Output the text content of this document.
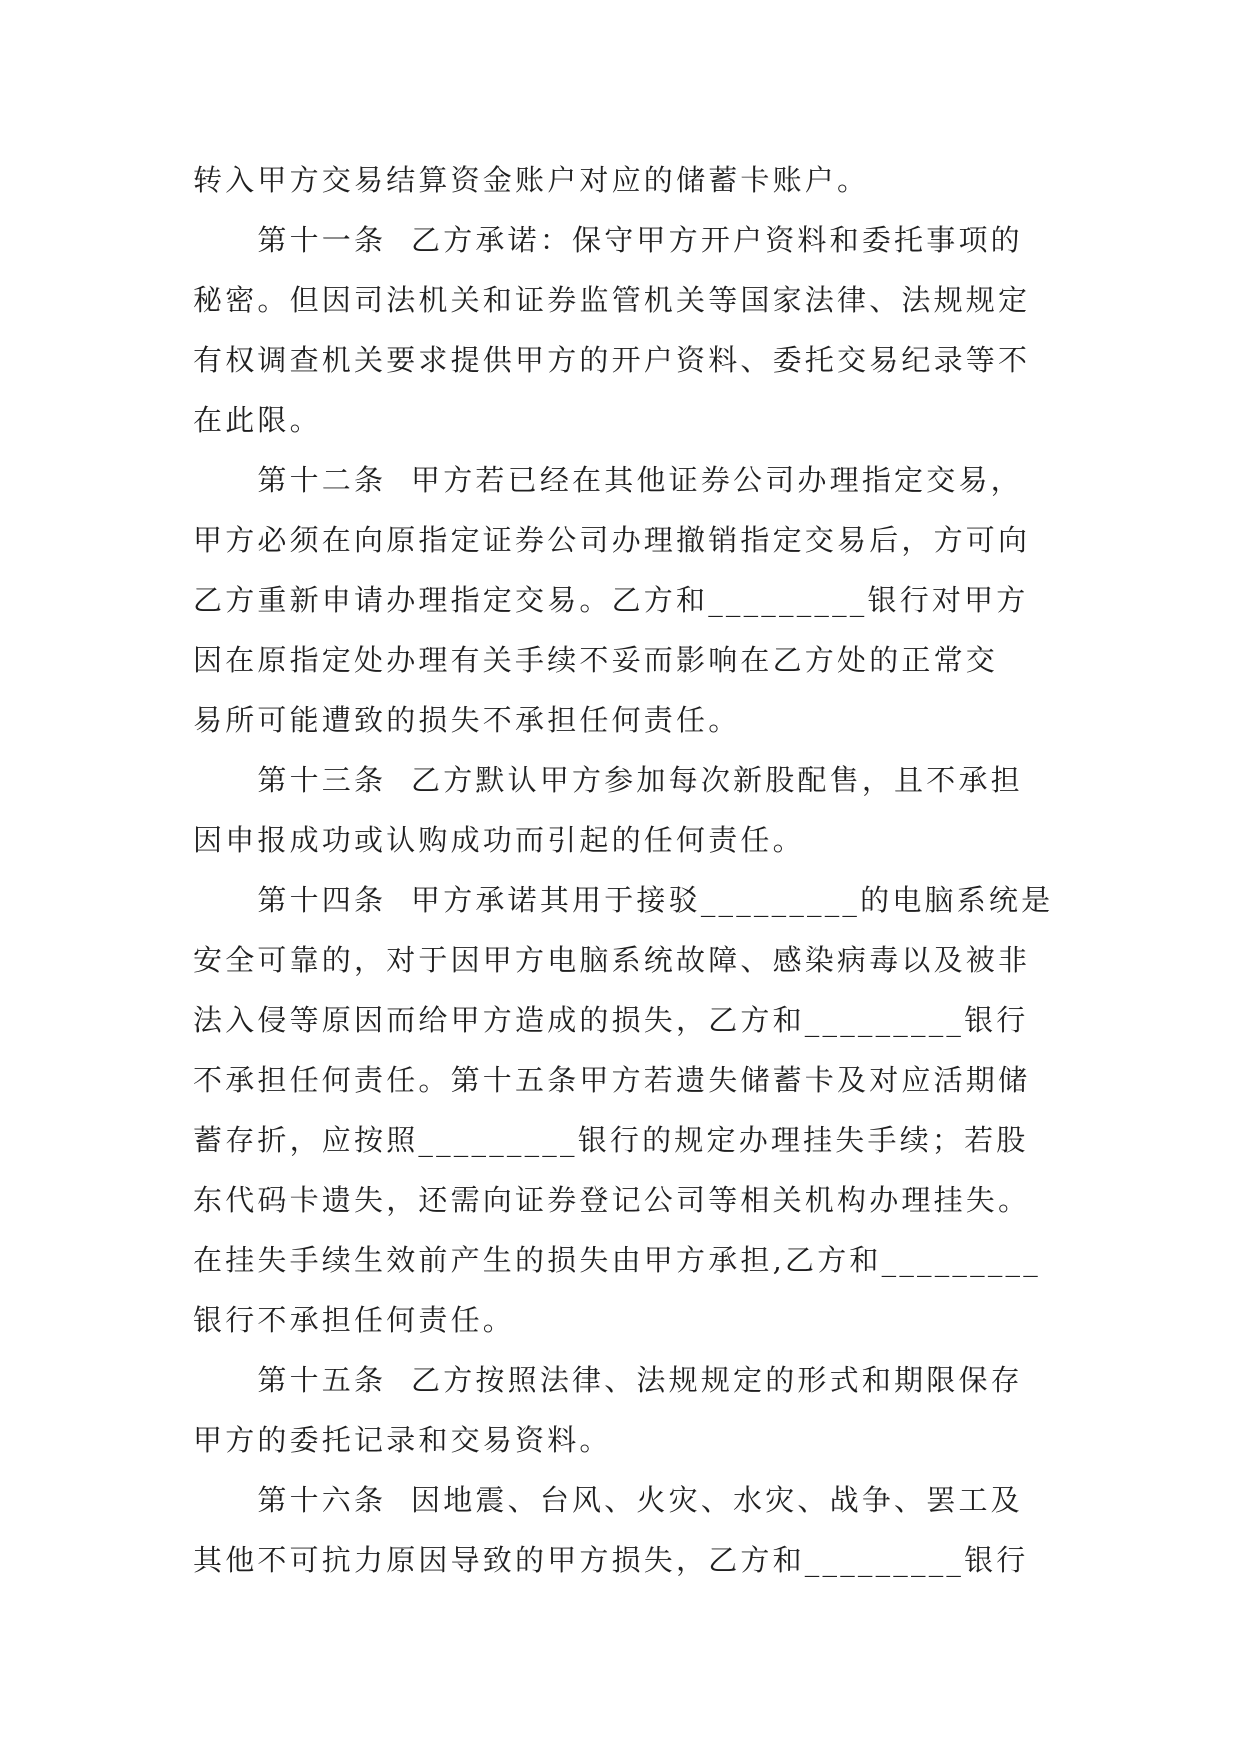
转入甲方交易结算资金账户对应的储蓄卡账户。
　　第十一条  乙方承诺：保守甲方开户资料和委托事项的
秘密。但因司法机关和证券监管机关等国家法律、法规规定
有权调查机关要求提供甲方的开户资料、委托交易纪录等不
在此限。
　　第十二条  甲方若已经在其他证券公司办理指定交易，
甲方必须在向原指定证券公司办理撤销指定交易后，方可向
乙方重新申请办理指定交易。乙方和_________银行对甲方
因在原指定处办理有关手续不妥而影响在乙方处的正常交
易所可能遭致的损失不承担任何责任。
　　第十三条  乙方默认甲方参加每次新股配售，且不承担
因申报成功或认购成功而引起的任何责任。
　　第十四条  甲方承诺其用于接驳_________的电脑系统是
安全可靠的，对于因甲方电脑系统故障、感染病毒以及被非
法入侵等原因而给甲方造成的损失，乙方和_________银行
不承担任何责任。第十五条甲方若遗失储蓄卡及对应活期储
蓄存折，应按照_________银行的规定办理挂失手续；若股
东代码卡遗失，还需向证券登记公司等相关机构办理挂失。
在挂失手续生效前产生的损失由甲方承担,乙方和_________
银行不承担任何责任。
　　第十五条  乙方按照法律、法规规定的形式和期限保存
甲方的委托记录和交易资料。
　　第十六条  因地震、台风、火灾、水灾、战争、罢工及
其他不可抗力原因导致的甲方损失，乙方和_________银行
